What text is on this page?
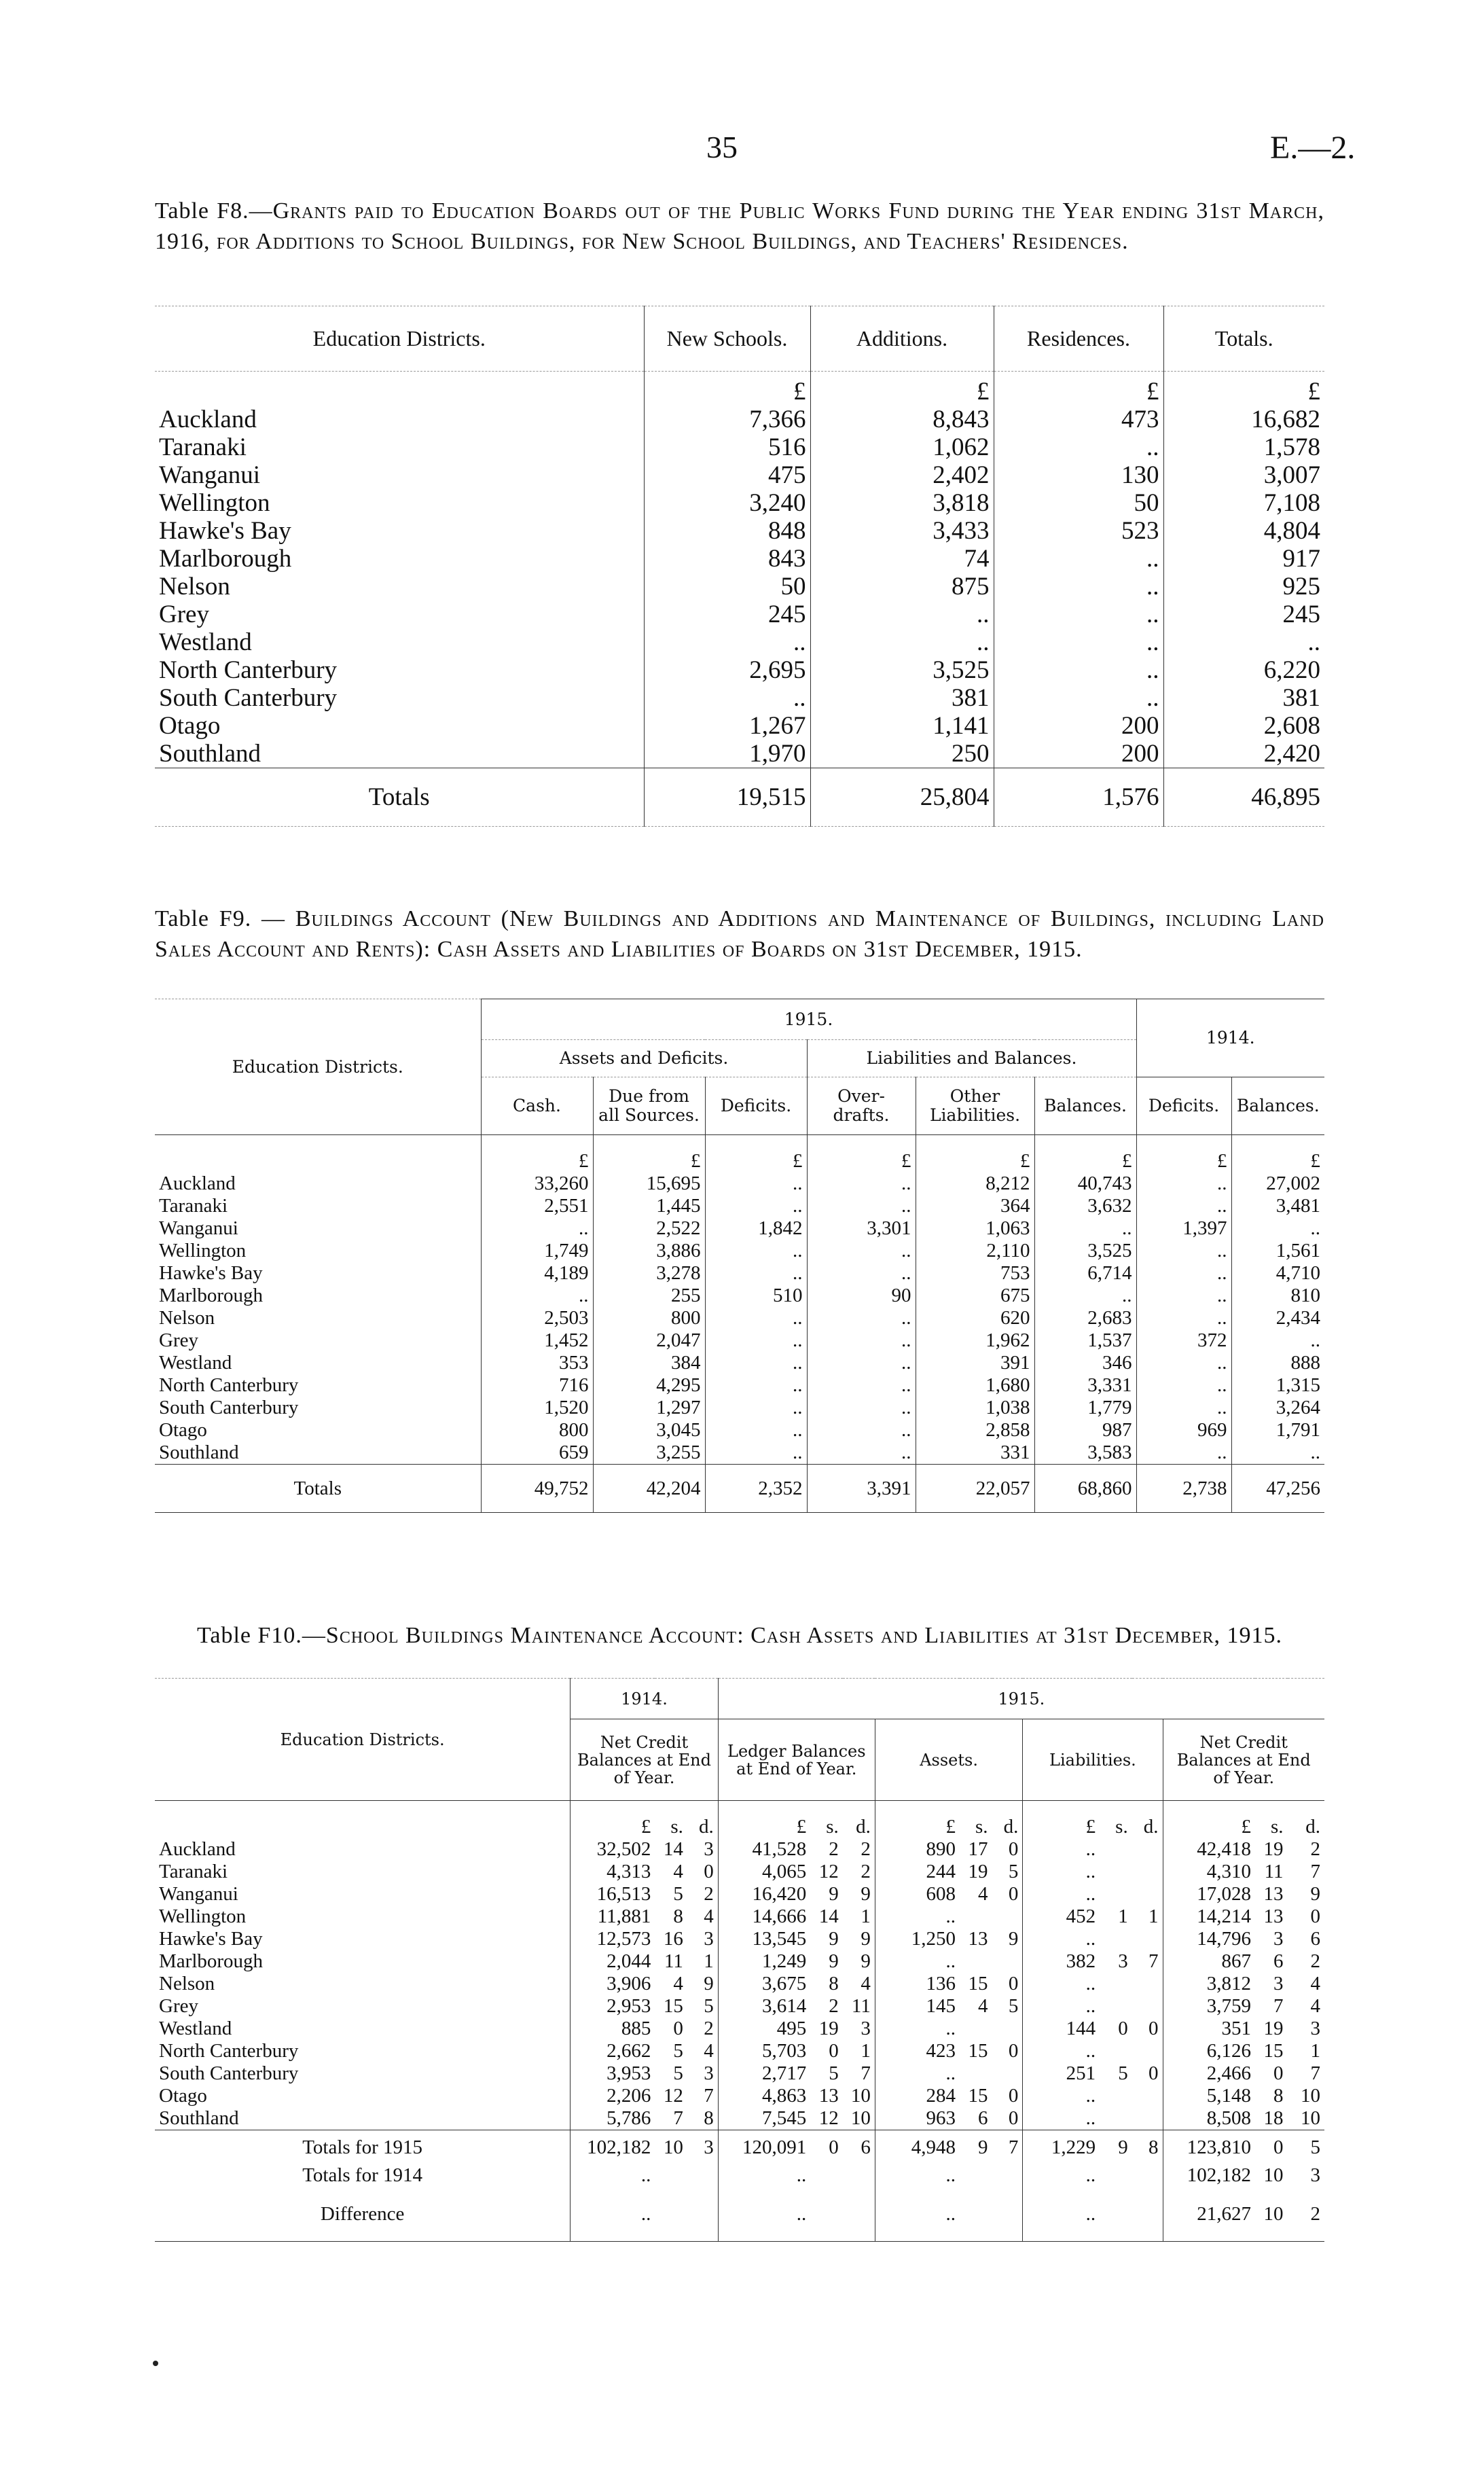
35	E.—2.
Table F8.—Grants paid to Education Boards out of the Public Works Fund during the Year ending 31st March, 1916, for Additions to School Buildings, for New School Buildings, and Teachers' Residences.
Education Districts.	New Schools.	Additions.	Residences.	Totals.
	£	£	£	£
Auckland	7,366	8,843	473	16,682
Taranaki	516	1,062	..	1,578
Wanganui	475	2,402	130	3,007
Wellington	3,240	3,818	50	7,108
Hawke's Bay	848	3,433	523	4,804
Marlborough	843	74	..	917
Nelson	50	875	..	925
Grey	245	..	..	245
Westland	..	..	..	..
North Canterbury	2,695	3,525	..	6,220
South Canterbury	..	381	..	381
Otago	1,267	1,141	200	2,608
Southland	1,970	250	200	2,420
Totals	19,515	25,804	1,576	46,895
Table F9. — Buildings Account (New Buildings and Additions and Maintenance of Buildings, including Land Sales Account and Rents): Cash Assets and Liabilities of Boards on 31st December, 1915.
Education Districts.	1915.						1914.	
	Assets and Deficits.			Liabilities and Balances.				
	Cash.	Due from all Sources.	Deficits.	Over-drafts.	Other Liabilities.	Balances.	Deficits.	Balances.
	£	£	£	£	£	£	£	£
Auckland	33,260	15,695	..	..	8,212	40,743	..	27,002
Taranaki	2,551	1,445	..	..	364	3,632	..	3,481
Wanganui	..	2,522	1,842	3,301	1,063	..	1,397	..
Wellington	1,749	3,886	..	..	2,110	3,525	..	1,561
Hawke's Bay	4,189	3,278	..	..	753	6,714	..	4,710
Marlborough	..	255	510	90	675	..	..	810
Nelson	2,503	800	..	..	620	2,683	..	2,434
Grey	1,452	2,047	..	..	1,962	1,537	372	..
Westland	353	384	..	..	391	346	..	888
North Canterbury	716	4,295	..	..	1,680	3,331	..	1,315
South Canterbury	1,520	1,297	..	..	1,038	1,779	..	3,264
Otago	800	3,045	..	..	2,858	987	969	1,791
Southland	659	3,255	..	..	331	3,583	..	..
Totals	49,752	42,204	2,352	3,391	22,057	68,860	2,738	47,256
Table F10.—School Buildings Maintenance Account: Cash Assets and Liabilities at 31st December, 1915.
Education Districts.	1914.			1915.											
	Net Credit Balances at End of Year.			Ledger Balances at End of Year.			Assets.			Liabilities.			Net Credit Balances at End of Year.		
	£	s.	d.	£	s.	d.	£	s.	d.	£	s.	d.	£	s.	d.
Auckland	32,502	14	3	41,528	2	2	890	17	0	..			42,418	19	2
Taranaki	4,313	4	0	4,065	12	2	244	19	5	..			4,310	11	7
Wanganui	16,513	5	2	16,420	9	9	608	4	0	..			17,028	13	9
Wellington	11,881	8	4	14,666	14	1	..			452	1	1	14,214	13	0
Hawke's Bay	12,573	16	3	13,545	9	9	1,250	13	9	..			14,796	3	6
Marlborough	2,044	11	1	1,249	9	9	..			382	3	7	867	6	2
Nelson	3,906	4	9	3,675	8	4	136	15	0	..			3,812	3	4
Grey	2,953	15	5	3,614	2	11	145	4	5	..			3,759	7	4
Westland	885	0	2	495	19	3	..			144	0	0	351	19	3
North Canterbury	2,662	5	4	5,703	0	1	423	15	0	..			6,126	15	1
South Canterbury	3,953	5	3	2,717	5	7	..			251	5	0	2,466	0	7
Otago	2,206	12	7	4,863	13	10	284	15	0	..			5,148	8	10
Southland	5,786	7	8	7,545	12	10	963	6	0	..			8,508	18	10
Totals for 1915	102,182	10	3	120,091	0	6	4,948	9	7	1,229	9	8	123,810	0	5
Totals for 1914	..			..			..			..			102,182	10	3
Difference	..			..			..			..			21,627	10	2
